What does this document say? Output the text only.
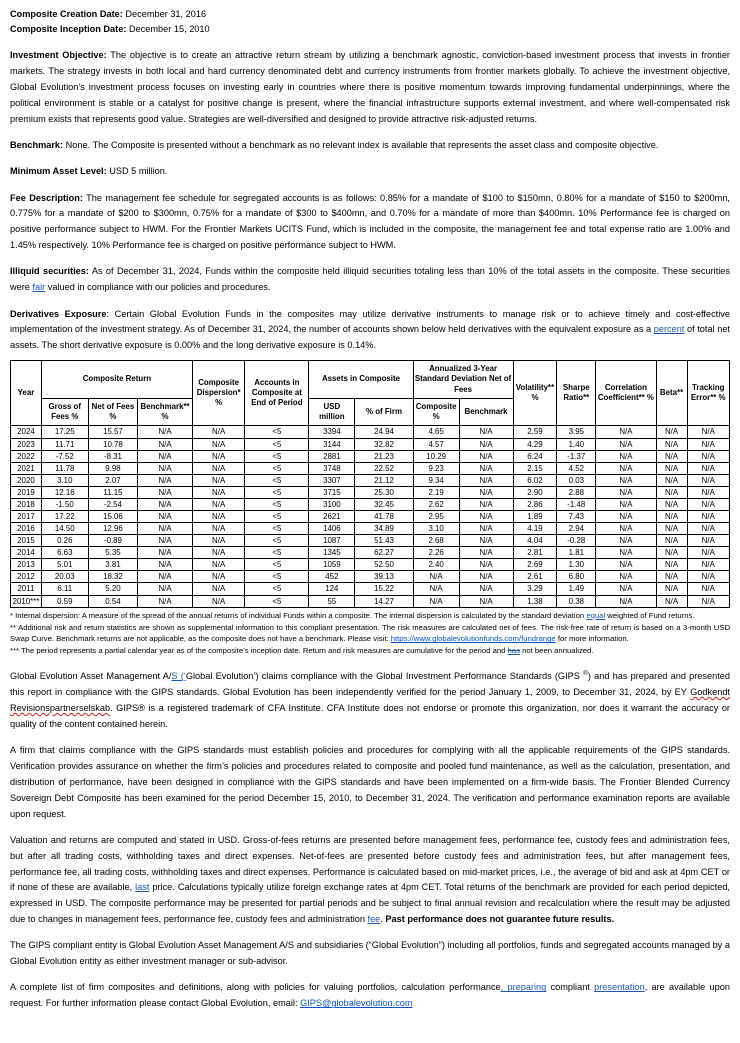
Composite Creation Date: December 31, 2016

Composite Inception Date: December 15, 2010

Investment Objective: The objective is to create an attractive return stream by utilizing a benchmark agnostic, conviction-based investment process that invests in frontier markets. The strategy invests in both local and hard currency denominated debt and currency instruments from frontier markets globally. To achieve the investment objective, Global Evolution’s investment process focuses on investing early in countries where there is positive momentum towards improving fundamental underpinnings, where the political environment is stable or a catalyst for positive change is present, where the financial infrastructure supports external investment, and where well-compensated risk premium exists that represents good value. Strategies are well-diversified and designed to provide attractive risk-adjusted returns.

Benchmark: None. The Composite is presented without a benchmark as no relevant index is available that represents the asset class and composite objective.

Minimum Asset Level: USD 5 million.

Fee Description: The management fee schedule for segregated accounts is as follows: 0.85% for a mandate of $100 to $150mn, 0.80% for a mandate of $150 to $200mn, 0.775% for a mandate of $200 to $300mn, 0.75% for a mandate of $300 to $400mn, and 0.70% for a mandate of more than $400mn. 10% Performance fee is charged on positive performance subject to HWM. For the Frontier Markets UCITS Fund, which is included in the composite, the management fee and total expense ratio are 1.00% and 1.45% respectively. 10% Performance fee is charged on positive performance subject to HWM.

Illiquid securities: As of December 31, 2024, Funds within the composite held illiquid securities totaling less than 10% of the total assets in the composite. These securities were fair valued in compliance with our policies and procedures.

Derivatives Exposure: Certain Global Evolution Funds in the composites may utilize derivative instruments to manage risk or to achieve timely and cost-effective implementation of the investment strategy. As of December 31, 2024, the number of accounts shown below held derivatives with the equivalent exposure as a percent of total net assets. The short derivative exposure is 0.00% and the long derivative exposure is 0.14%.

Year	Composite Return			Composite Dispersion* %	Accounts in Composite at End of Period	Assets in Composite		Annualized 3-Year Standard Deviation Net of Fees		Volatility** %	Sharpe Ratio**	Correlation Coefficient** %	Beta**	Tracking Error** %
	Gross of Fees %	Net of Fees %	Benchmark** %			USD million	% of Firm	Composite %	Benchmark					
2024	17.25	15.57	N/A	N/A	<5	3394	24.94	4.65	N/A	2.59	3.95	N/A	N/A	N/A
2023	11.71	10.78	N/A	N/A	<5	3144	32.82	4.57	N/A	4.29	1.40	N/A	N/A	N/A
2022	-7.52	-8.31	N/A	N/A	<5	2881	21.23	10.29	N/A	6.24	-1.37	N/A	N/A	N/A
2021	11.78	9.98	N/A	N/A	<5	3748	22.52	9.23	N/A	2.15	4.52	N/A	N/A	N/A
2020	3.10	2.07	N/A	N/A	<5	3307	21.12	9.34	N/A	6.02	0.03	N/A	N/A	N/A
2019	12.16	11.15	N/A	N/A	<5	3715	25.30	2.19	N/A	2.90	2.88	N/A	N/A	N/A
2018	-1.50	-2.54	N/A	N/A	<5	3100	32.45	2.62	N/A	2.86	-1.48	N/A	N/A	N/A
2017	17.22	15.06	N/A	N/A	<5	2621	41.78	2.95	N/A	1.89	7.43	N/A	N/A	N/A
2016	14.50	12.96	N/A	N/A	<5	1406	34.89	3.10	N/A	4.19	2.94	N/A	N/A	N/A
2015	0.26	-0.89	N/A	N/A	<5	1087	51.43	2.68	N/A	4.04	-0.28	N/A	N/A	N/A
2014	6.63	5.35	N/A	N/A	<5	1345	62.27	2.26	N/A	2.81	1.81	N/A	N/A	N/A
2013	5.01	3.81	N/A	N/A	<5	1059	52.50	2.40	N/A	2.69	1.30	N/A	N/A	N/A
2012	20.03	18.32	N/A	N/A	<5	452	39.13	N/A	N/A	2.61	6.80	N/A	N/A	N/A
2011	6.11	5.20	N/A	N/A	<5	124	15.22	N/A	N/A	3.29	1.49	N/A	N/A	N/A
2010***	0.59	0.54	N/A	N/A	<5	55	14.27	N/A	N/A	1.38	0.38	N/A	N/A	N/A

* Internal dispersion: A measure of the spread of the annual returns of individual Funds within a composite. The internal dispersion is calculated by the standard deviation equal weighted of Fund returns.

** Additional risk and return statistics are shown as supplemental information to this compliant presentation. The risk measures are calculated net of fees. The risk-free rate of return is based on a 3-month USD Swap Curve. Benchmark returns are not applicable, as the composite does not have a benchmark. Please visit: https://www.globalevolutionfunds.com/fundrange for more information.

*** The period represents a partial calendar year as of the composite’s inception date. Return and risk measures are cumulative for the period and has not been annualized.

Global Evolution Asset Management A/S (‘Global Evolution’) claims compliance with the Global Investment Performance Standards (GIPS ®) and has prepared and presented this report in compliance with the GIPS standards. Global Evolution has been independently verified for the period January 1, 2009, to December 31, 2024, by EY Godkendt Revisionspartnerselskab. GIPS® is a registered trademark of CFA Institute. CFA Institute does not endorse or promote this organization, nor does it warrant the accuracy or quality of the content contained herein.

A firm that claims compliance with the GIPS standards must establish policies and procedures for complying with all the applicable requirements of the GIPS standards. Verification provides assurance on whether the firm’s policies and procedures related to composite and pooled fund maintenance, as well as the calculation, presentation, and distribution of performance, have been designed in compliance with the GIPS standards and have been implemented on a firm-wide basis. The Frontier Blended Currency Sovereign Debt Composite has been examined for the period December 15, 2010, to December 31, 2024. The verification and performance examination reports are available upon request.

Valuation and returns are computed and stated in USD. Gross-of-fees returns are presented before management fees, performance fee, custody fees and administration fees, but after all trading costs, withholding taxes and direct expenses. Net-of-fees are presented before custody fees and administration fees, but after management fees, performance fee, all trading costs, withholding taxes and direct expenses. Performance is calculated based on mid-market prices, i.e., the average of bid and ask at 4pm CET or if none of these are available, last price. Calculations typically utilize foreign exchange rates at 4pm CET. Total returns of the benchmark are provided for each period depicted, expressed in USD. The composite performance may be presented for partial periods and be subject to final annual revision and recalculation where the result may be adjusted due to changes in management fees, performance fee, custody fees and administration fee. Past performance does not guarantee future results.

The GIPS compliant entity is Global Evolution Asset Management A/S and subsidiaries (“Global Evolution”) including all portfolios, funds and segregated accounts managed by a Global Evolution entity as either investment manager or sub-advisor.

A complete list of firm composites and definitions, along with policies for valuing portfolios, calculation performance, preparing compliant presentation, are available upon request. For further information please contact Global Evolution, email: GIPS@globalevolution.com
